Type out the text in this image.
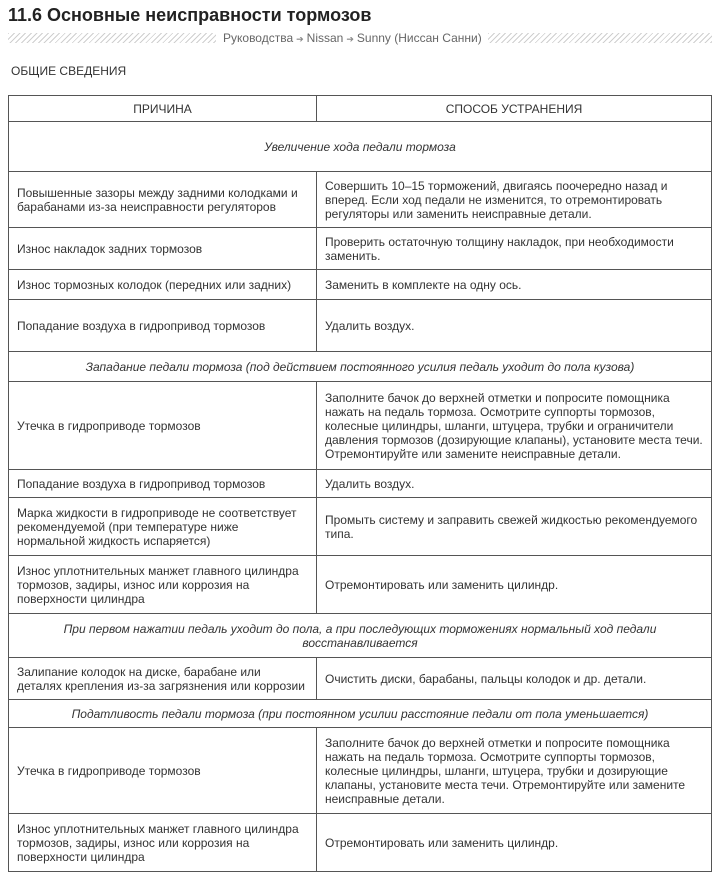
11.6 Основные неисправности тормозов
Руководства ➔ Nissan ➔ Sunny (Ниссан Санни)
ОБЩИЕ СВЕДЕНИЯ
ПРИЧИНА	СПОСОБ УСТРАНЕНИЯ
Увеличение хода педали тормоза	
Повышенные зазоры между задними колодками и барабанами из-за неисправности регуляторов	Совершить 10–15 торможений, двигаясь поочередно назад и вперед. Если ход педали не изменится, то отремонтировать регуляторы или заменить неисправные детали.
Износ накладок задних тормозов	Проверить остаточную толщину накладок, при необходимости заменить.
Износ тормозных колодок (передних или задних)	Заменить в комплекте на одну ось.
Попадание воздуха в гидропривод тормозов	Удалить воздух.
Западание педали тормоза (под действием постоянного усилия педаль уходит до пола кузова)	
Утечка в гидроприводе тормозов	Заполните бачок до верхней отметки и попросите помощника нажать на педаль тормоза. Осмотрите суппорты тормозов, колесные цилиндры, шланги, штуцера, трубки и ограничители давления тормозов (дозирующие клапаны), установите места течи. Отремонтируйте или замените неисправные детали.
Попадание воздуха в гидропривод тормозов	Удалить воздух.
Марка жидкости в гидроприводе не соответствует рекомендуемой (при температуре ниже нормальной жидкость испаряется)	Промыть систему и заправить свежей жидкостью рекомендуемого типа.
Износ уплотнительных манжет главного цилиндра тормозов, задиры, износ или коррозия на поверхности цилиндра	Отремонтировать или заменить цилиндр.
При первом нажатии педаль уходит до пола, а при последующих торможениях нормальный ход педали восстанавливается	
Залипание колодок на диске, барабане или деталях крепления из-за загрязнения или коррозии	Очистить диски, барабаны, пальцы колодок и др. детали.
Податливость педали тормоза (при постоянном усилии расстояние педали от пола уменьшается)	
Утечка в гидроприводе тормозов	Заполните бачок до верхней отметки и попросите помощника нажать на педаль тормоза. Осмотрите суппорты тормозов, колесные цилиндры, шланги, штуцера, трубки и дозирующие клапаны, установите места течи. Отремонтируйте или замените неисправные детали.
Износ уплотнительных манжет главного цилиндра тормозов, задиры, износ или коррозия на поверхности цилиндра	Отремонтировать или заменить цилиндр.
